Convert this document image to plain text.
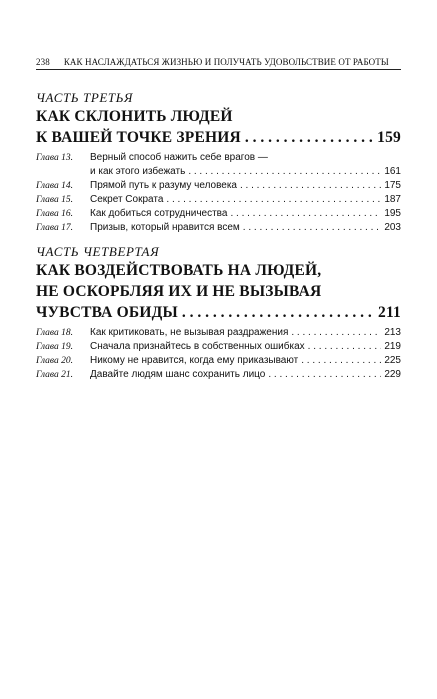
238 КАК НАСЛАЖДАТЬСЯ ЖИЗНЬЮ И ПОЛУЧАТЬ УДОВОЛЬСТВИЕ ОТ РАБОТЫ
ЧАСТЬ ТРЕТЬЯ
КАК СКЛОНИТЬ ЛЮДЕЙ
К ВАШЕЙ ТОЧКЕ ЗРЕНИЯ . . .	159
Глава 13.	Верный способ нажить себе врагов —
и как этого избежать . . .	161
Глава 14.	Прямой путь к разуму человека . . .	175
Глава 15.	Секрет Сократа . . .	187
Глава 16.	Как добиться сотрудничества . . .	195
Глава 17.	Призыв, который нравится всем . . .	203
ЧАСТЬ ЧЕТВЕРТАЯ
КАК ВОЗДЕЙСТВОВАТЬ НА ЛЮДЕЙ,
НЕ ОСКОРБЛЯЯ ИХ И НЕ ВЫЗЫВАЯ
ЧУВСТВА ОБИДЫ . . .	211
Глава 18.	Как критиковать, не вызывая раздражения . . .	213
Глава 19.	Сначала признайтесь в собственных ошибках . . .	219
Глава 20.	Никому не нравится, когда ему приказывают . . .	225
Глава 21.	Давайте людям шанс сохранить лицо . . .	229
